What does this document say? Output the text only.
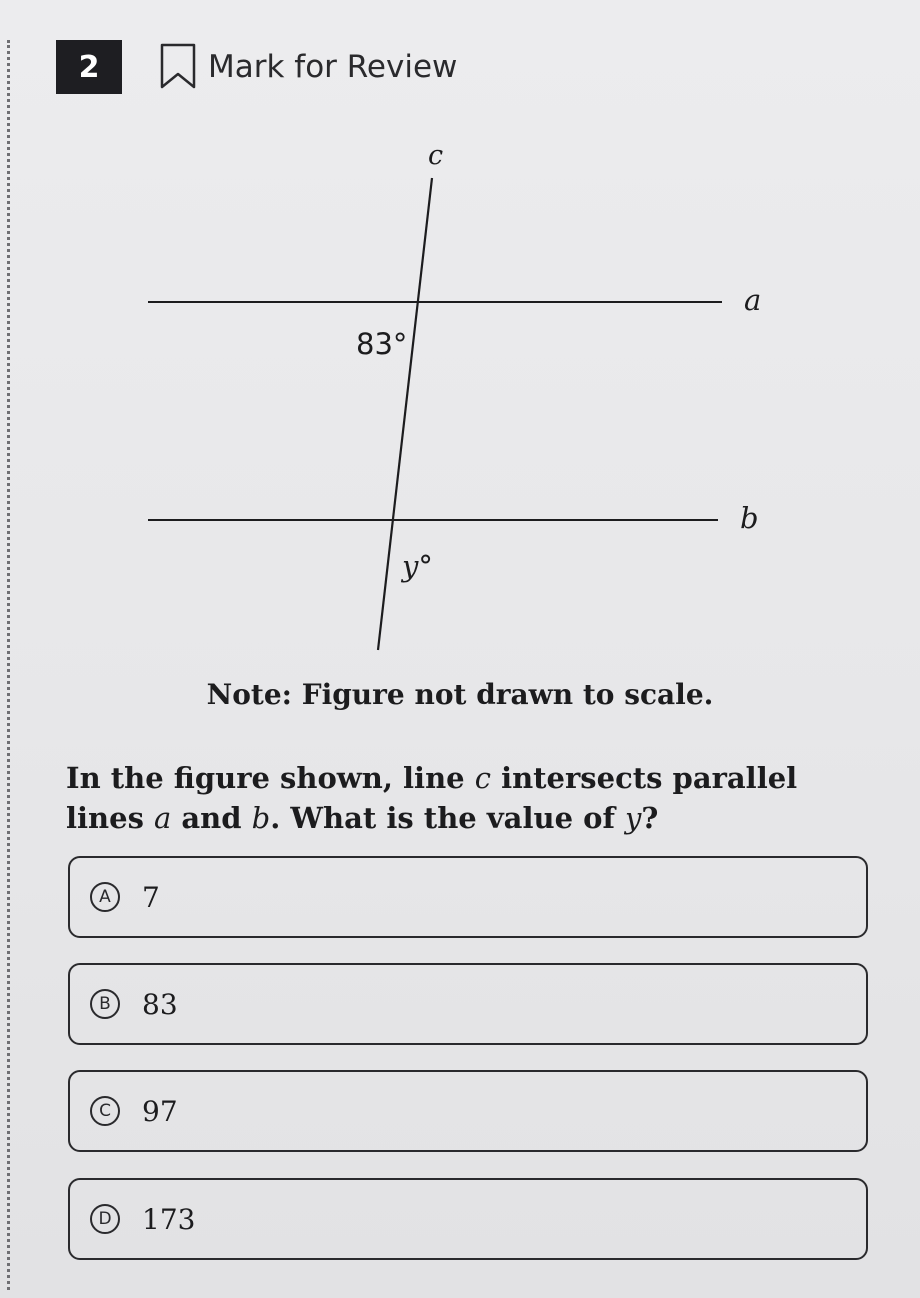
2	Mark for Review
c
a
b
83°
y°
Note: Figure not drawn to scale.
In the figure shown, line c intersects parallel lines a and b. What is the value of y?
A	7
B	83
C	97
D	173
